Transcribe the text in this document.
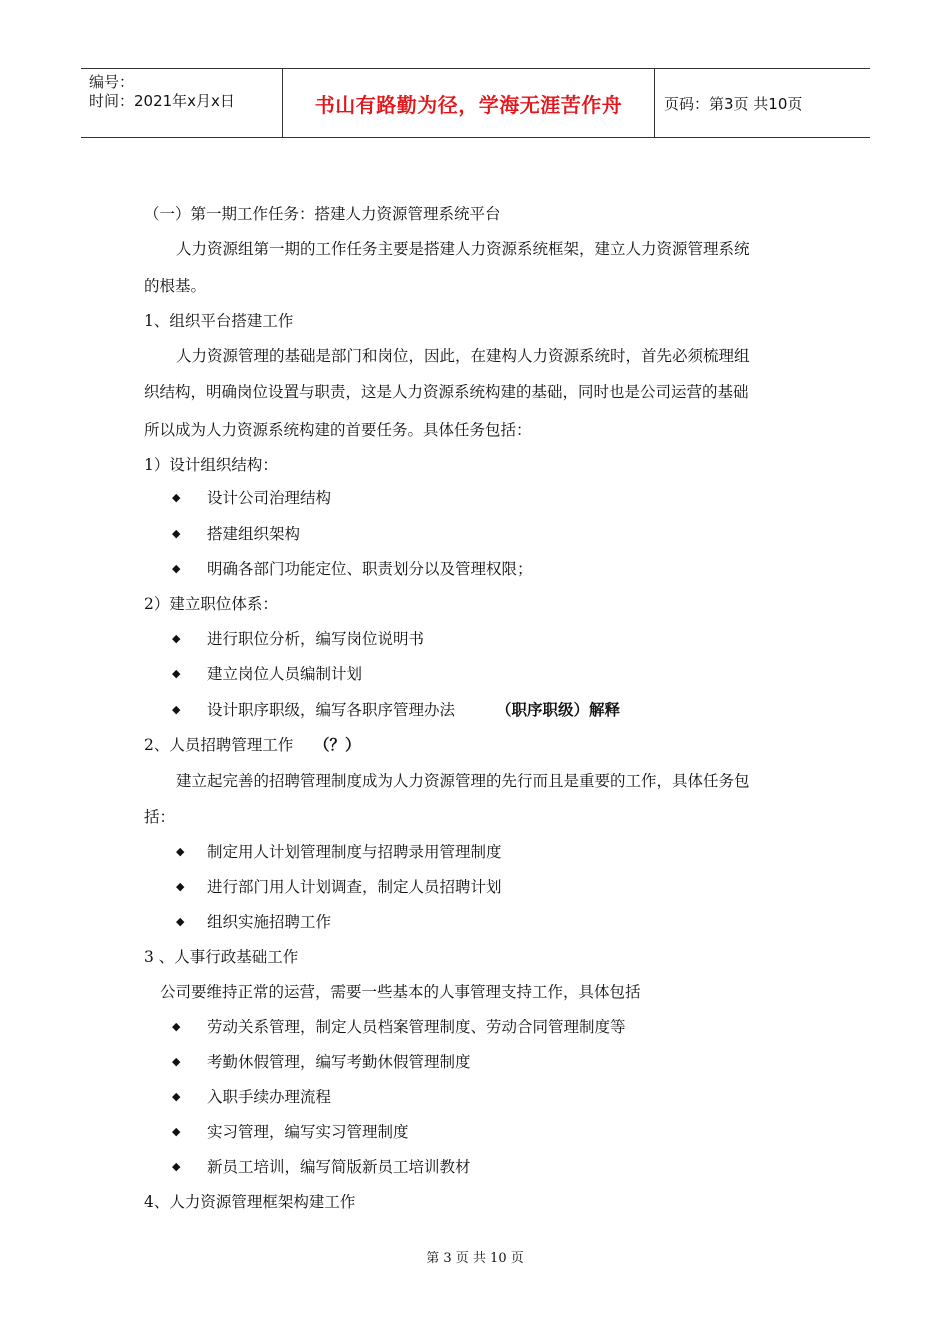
编号：
时间：2021年x月x日	书山有路勤为径，学海无涯苦作舟	页码：第3页 共10页
（一）第一期工作任务：搭建人力资源管理系统平台
人力资源组第一期的工作任务主要是搭建人力资源系统框架，建立人力资源管理系统
的根基。
1、组织平台搭建工作
人力资源管理的基础是部门和岗位，因此，在建构人力资源系统时，首先必须梳理组
织结构，明确岗位设置与职责，这是人力资源系统构建的基础，同时也是公司运营的基础
所以成为人力资源系统构建的首要任务。具体任务包括：
1）设计组织结构：
◆ 设计公司治理结构
◆ 搭建组织架构
◆ 明确各部门功能定位、职责划分以及管理权限；
2）建立职位体系：
◆ 进行职位分析，编写岗位说明书
◆ 建立岗位人员编制计划
◆ 设计职序职级，编写各职序管理办法	（职序职级）解释
2、人员招聘管理工作 （？）
建立起完善的招聘管理制度成为人力资源管理的先行而且是重要的工作，具体任务包
括：
◆ 制定用人计划管理制度与招聘录用管理制度
◆ 进行部门用人计划调查，制定人员招聘计划
◆ 组织实施招聘工作
3 、人事行政基础工作
公司要维持正常的运营，需要一些基本的人事管理支持工作，具体包括
◆ 劳动关系管理，制定人员档案管理制度、劳动合同管理制度等
◆ 考勤休假管理，编写考勤休假管理制度
◆ 入职手续办理流程
◆ 实习管理，编写实习管理制度
◆ 新员工培训，编写简版新员工培训教材
4、人力资源管理框架构建工作
第 3 页 共 10 页
